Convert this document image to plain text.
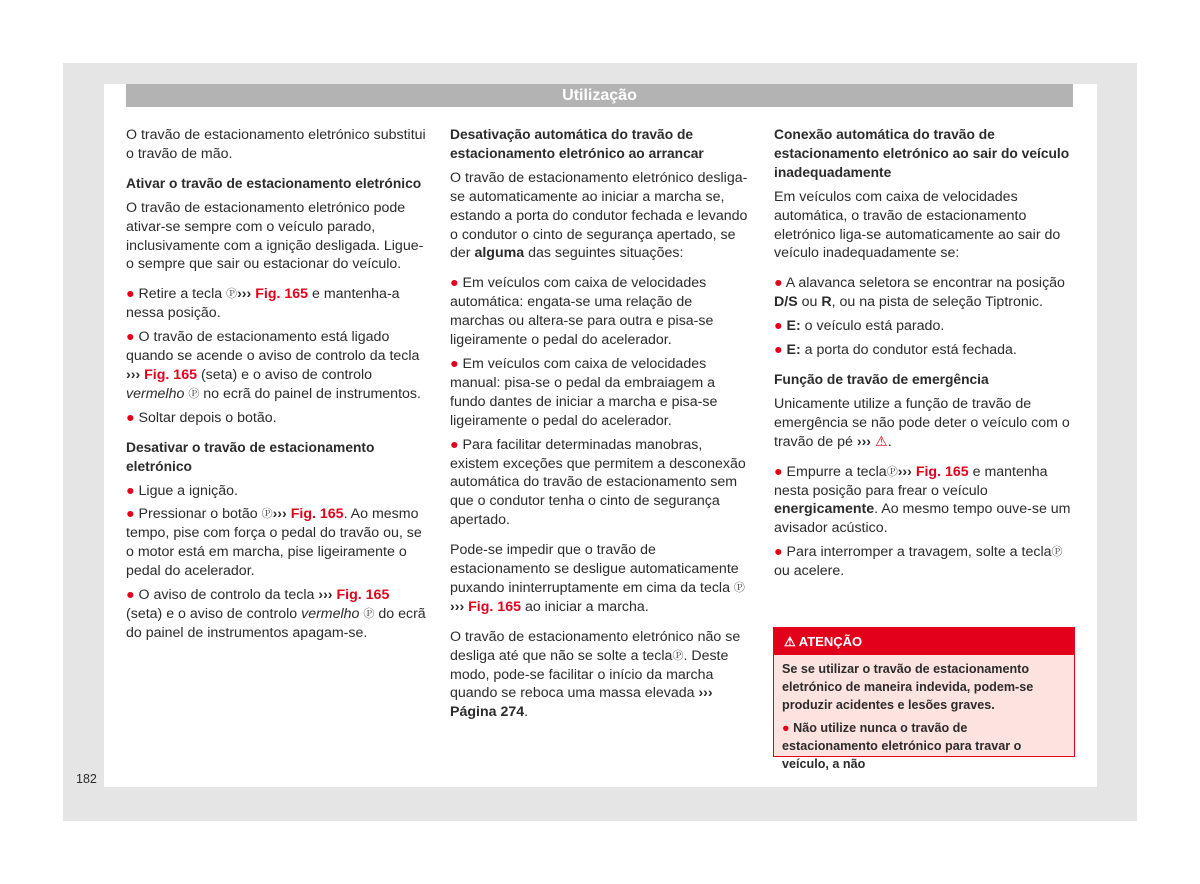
Utilização

O travão de estacionamento eletrónico substitui o travão de mão.

Ativar o travão de estacionamento eletrónico

O travão de estacionamento eletrónico pode ativar-se sempre com o veículo parado, inclusivamente com a ignição desligada. Ligue-o sempre que sair ou estacionar do veículo.

● Retire a tecla Ⓟ››› Fig. 165 e mantenha-a nessa posição.

● O travão de estacionamento está ligado quando se acende o aviso de controlo da tecla ››› Fig. 165 (seta) e o aviso de controlo vermelho Ⓟ no ecrã do painel de instrumentos.

● Soltar depois o botão.

Desativar o travão de estacionamento eletrónico

● Ligue a ignição.

● Pressionar o botão Ⓟ››› Fig. 165. Ao mesmo tempo, pise com força o pedal do travão ou, se o motor está em marcha, pise ligeiramente o pedal do acelerador.

● O aviso de controlo da tecla ››› Fig. 165 (seta) e o aviso de controlo vermelho Ⓟ do ecrã do painel de instrumentos apagam-se.

Desativação automática do travão de estacionamento eletrónico ao arrancar

O travão de estacionamento eletrónico desliga-se automaticamente ao iniciar a marcha se, estando a porta do condutor fechada e levando o condutor o cinto de segurança apertado, se der alguma das seguintes situações:

● Em veículos com caixa de velocidades automática: engata-se uma relação de marchas ou altera-se para outra e pisa-se ligeiramente o pedal do acelerador.

● Em veículos com caixa de velocidades manual: pisa-se o pedal da embraiagem a fundo dantes de iniciar a marcha e pisa-se ligeiramente o pedal do acelerador.

● Para facilitar determinadas manobras, existem exceções que permitem a desconexão automática do travão de estacionamento sem que o condutor tenha o cinto de segurança apertado.

Pode-se impedir que o travão de estacionamento se desligue automaticamente puxando ininterruptamente em cima da tecla Ⓟ ››› Fig. 165 ao iniciar a marcha.

O travão de estacionamento eletrónico não se desliga até que não se solte a teclaⓅ. Deste modo, pode-se facilitar o início da marcha quando se reboca uma massa elevada ››› Página 274.

Conexão automática do travão de estacionamento eletrónico ao sair do veículo inadequadamente

Em veículos com caixa de velocidades automática, o travão de estacionamento eletrónico liga-se automaticamente ao sair do veículo inadequadamente se:

● A alavanca seletora se encontrar na posição D/S ou R, ou na pista de seleção Tiptronic.

● E: o veículo está parado.

● E: a porta do condutor está fechada.

Função de travão de emergência

Unicamente utilize a função de travão de emergência se não pode deter o veículo com o travão de pé ››› ⚠.

● Empurre a teclaⓅ››› Fig. 165 e mantenha nesta posição para frear o veículo energicamente. Ao mesmo tempo ouve-se um avisador acústico.

● Para interromper a travagem, solte a teclaⓅ ou acelere.

⚠ ATENÇÃO

Se se utilizar o travão de estacionamento eletrónico de maneira indevida, podem-se produzir acidentes e lesões graves.

● Não utilize nunca o travão de estacionamento eletrónico para travar o veículo, a não

182
